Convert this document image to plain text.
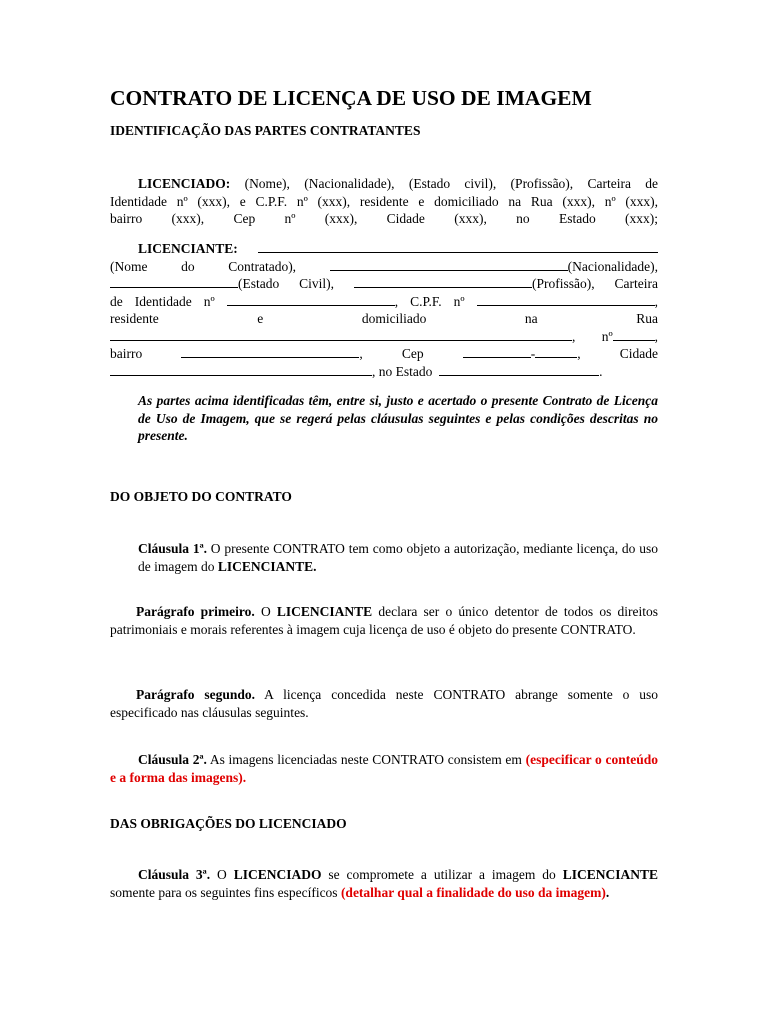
CONTRATO DE LICENÇA DE USO DE IMAGEM
IDENTIFICAÇÃO DAS PARTES CONTRATANTES
LICENCIADO: (Nome), (Nacionalidade), (Estado civil), (Profissão), Carteira de
Identidade nº (xxx), e C.P.F. nº (xxx), residente e domiciliado na Rua (xxx), nº (xxx),
bairro (xxx), Cep nº (xxx), Cidade (xxx), no Estado (xxx);
LICENCIANTE:
(Nome do Contratado),	(Nacionalidade),
(Estado Civil),	(Profissão), Carteira
de Identidade nº	, C.P.F. nº	,
residente e domiciliado na Rua
, nº	,
bairro	, Cep	-	, Cidade
, no Estado	.

As partes acima identificadas têm, entre si, justo e acertado o presente Contrato de Licença de Uso de Imagem, que se regerá pelas cláusulas seguintes e pelas condições descritas no presente.

DO OBJETO DO CONTRATO

Cláusula 1ª. O presente CONTRATO tem como objeto a autorização, mediante licença, do uso de imagem do LICENCIANTE.

Parágrafo primeiro. O LICENCIANTE declara ser o único detentor de todos os direitos patrimoniais e morais referentes à imagem cuja licença de uso é objeto do presente CONTRATO.

Parágrafo segundo. A licença concedida neste CONTRATO abrange somente o uso especificado nas cláusulas seguintes.

Cláusula 2ª. As imagens licenciadas neste CONTRATO consistem em (especificar o conteúdo e a forma das imagens).

DAS OBRIGAÇÕES DO LICENCIADO

Cláusula 3ª. O LICENCIADO se compromete a utilizar a imagem do LICENCIANTE somente para os seguintes fins específicos (detalhar qual a finalidade do uso da imagem).
